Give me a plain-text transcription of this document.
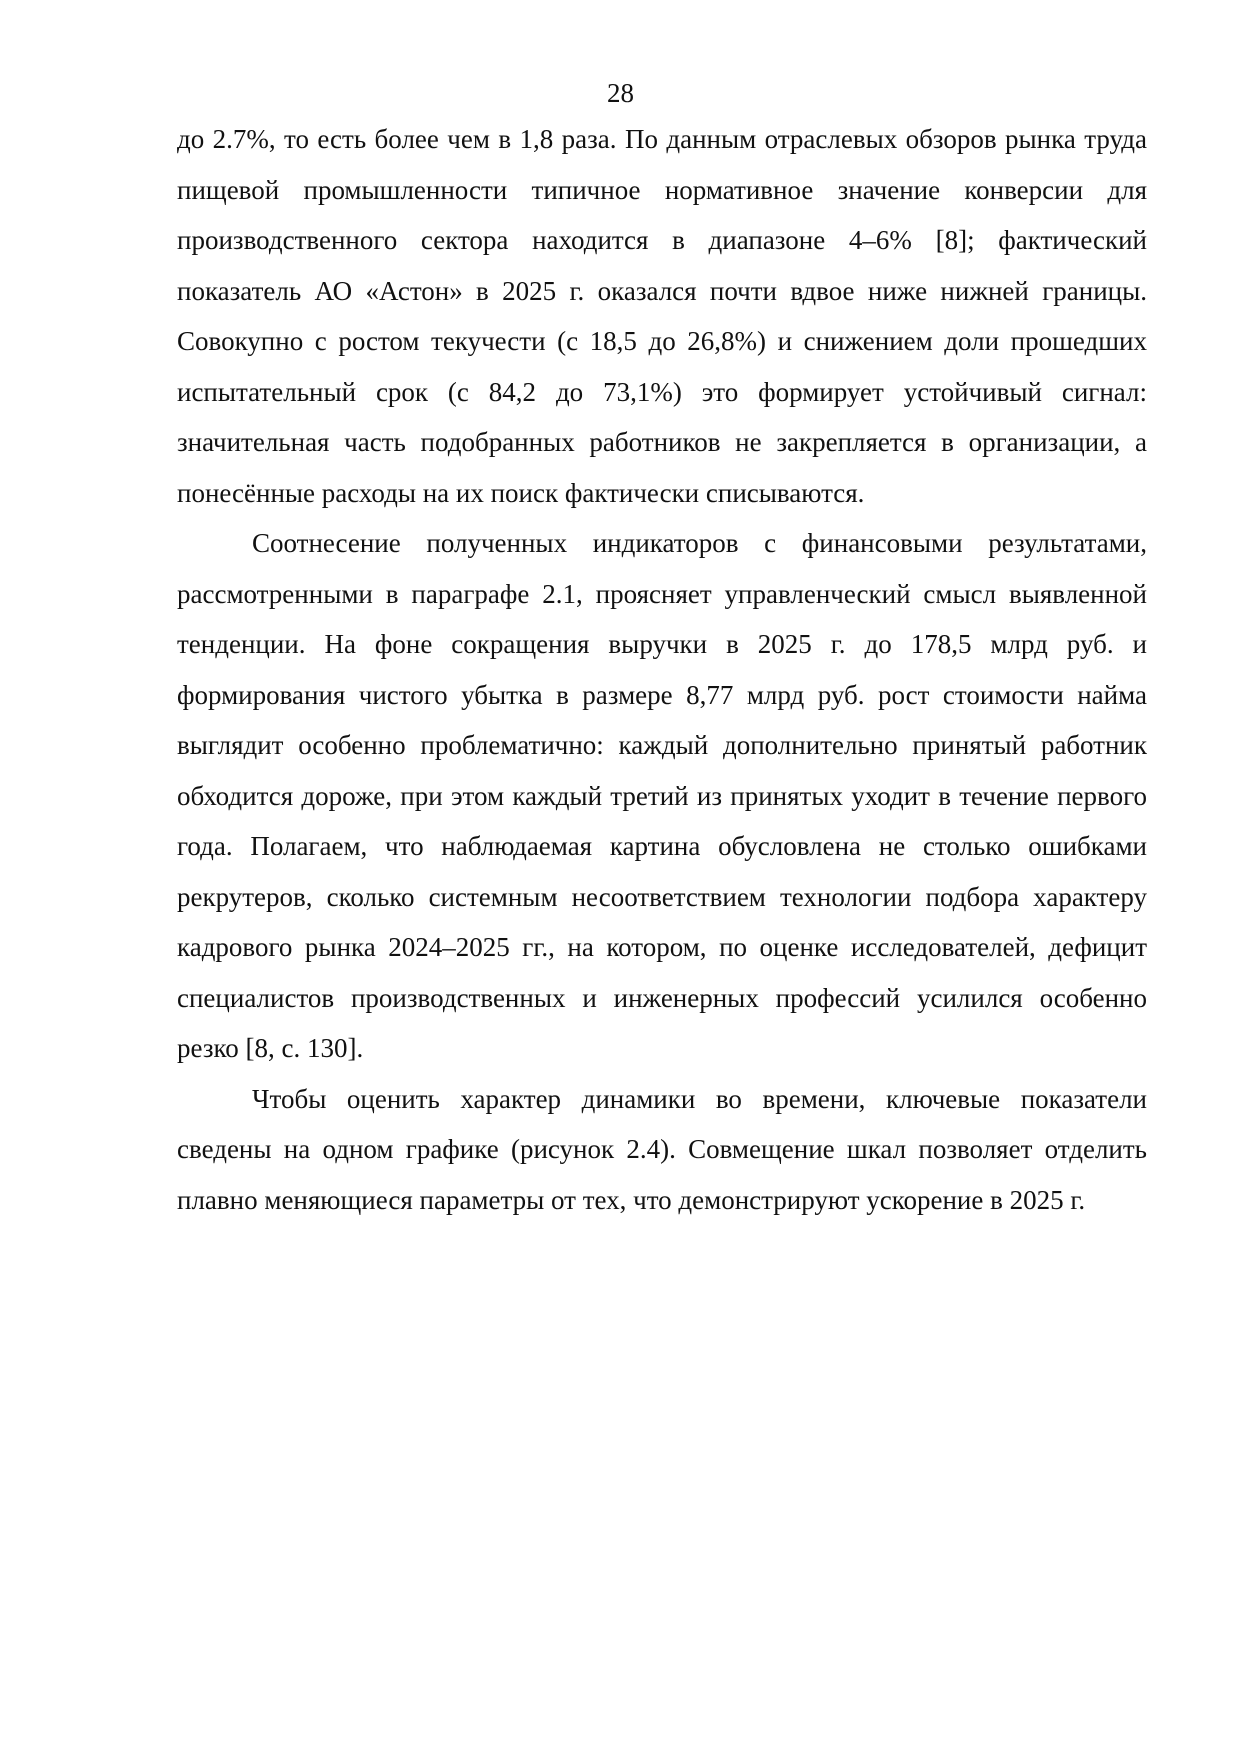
28

до 2.7%, то есть более чем в 1,8 раза. По данным отраслевых обзоров рынка труда пищевой промышленности типичное нормативное значение конверсии для производственного сектора находится в диапазоне 4–6% [8]; фактический показатель АО «Астон» в 2025 г. оказался почти вдвое ниже нижней границы. Совокупно с ростом текучести (с 18,5 до 26,8%) и снижением доли прошедших испытательный срок (с 84,2 до 73,1%) это формирует устойчивый сигнал: значительная часть подобранных работников не закрепляется в организации, а понесённые расходы на их поиск фактически списываются.

Соотнесение полученных индикаторов с финансовыми результатами, рассмотренными в параграфе 2.1, проясняет управленческий смысл выявленной тенденции. На фоне сокращения выручки в 2025 г. до 178,5 млрд руб. и формирования чистого убытка в размере 8,77 млрд руб. рост стоимости найма выглядит особенно проблематично: каждый дополнительно принятый работник обходится дороже, при этом каждый третий из принятых уходит в течение первого года. Полагаем, что наблюдаемая картина обусловлена не столько ошибками рекрутеров, сколько системным несоответствием технологии подбора характеру кадрового рынка 2024–2025 гг., на котором, по оценке исследователей, дефицит специалистов производственных и инженерных профессий усилился особенно резко [8, с. 130].

Чтобы оценить характер динамики во времени, ключевые показатели сведены на одном графике (рисунок 2.4). Совмещение шкал позволяет отделить плавно меняющиеся параметры от тех, что демонстрируют ускорение в 2025 г.
